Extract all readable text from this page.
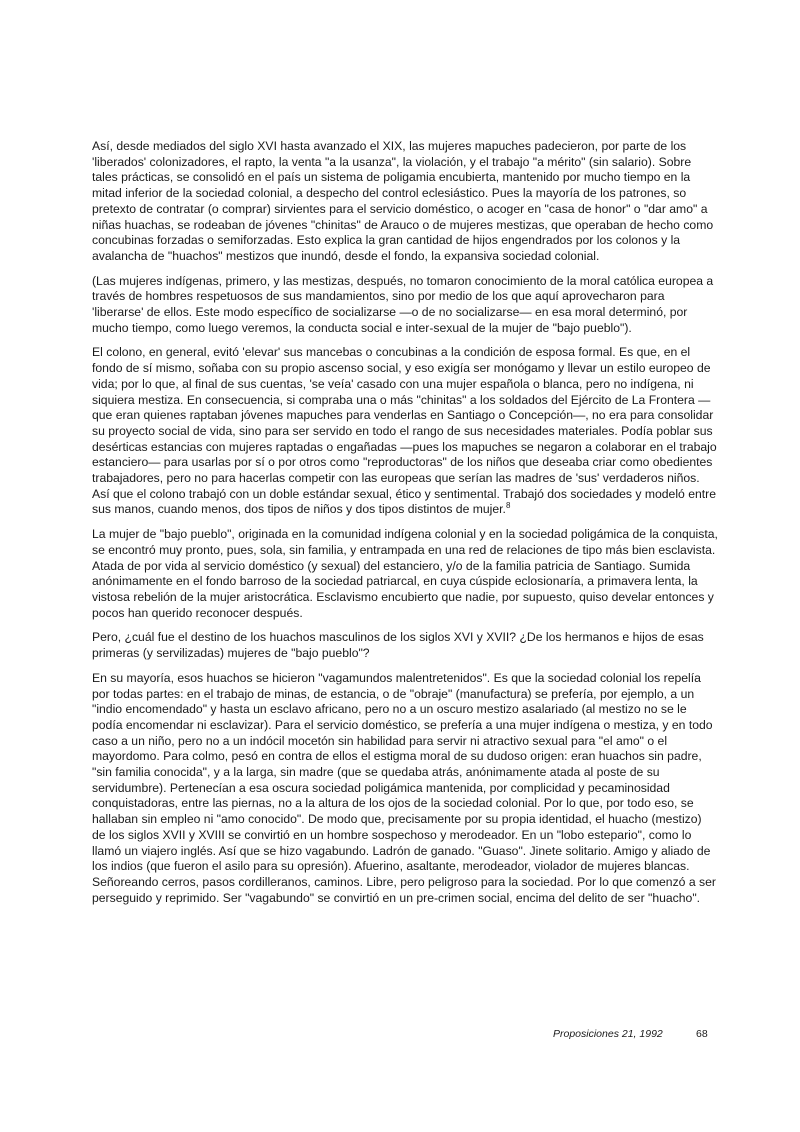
Así, desde mediados del siglo XVI hasta avanzado el XIX, las mujeres mapuches padecieron, por parte de los 'liberados' colonizadores, el rapto, la venta "a la usanza", la violación, y el trabajo "a mérito" (sin salario). Sobre tales prácticas, se consolidó en el país un sistema de poligamia encubierta, mantenido por mucho tiempo en la mitad inferior de la sociedad colonial, a despecho del control eclesiástico. Pues la mayoría de los patrones, so pretexto de contratar (o comprar) sirvientes para el servicio doméstico, o acoger en "casa de honor" o "dar amo" a niñas huachas, se rodeaban de jóvenes "chinitas" de Arauco o de mujeres mestizas, que operaban de hecho como concubinas forzadas o semiforzadas. Esto explica la gran cantidad de hijos engendrados por los colonos y la avalancha de "huachos" mestizos que inundó, desde el fondo, la expansiva sociedad colonial.

(Las mujeres indígenas, primero, y las mestizas, después, no tomaron conocimiento de la moral católica europea a través de hombres respetuosos de sus mandamientos, sino por medio de los que aquí aprovecharon para 'liberarse' de ellos. Este modo específico de socializarse —o de no socializarse— en esa moral determinó, por mucho tiempo, como luego veremos, la conducta social e inter-sexual de la mujer de "bajo pueblo").

El colono, en general, evitó 'elevar' sus mancebas o concubinas a la condición de esposa formal. Es que, en el fondo de sí mismo, soñaba con su propio ascenso social, y eso exigía ser monógamo y llevar un estilo europeo de vida; por lo que, al final de sus cuentas, 'se veía' casado con una mujer española o blanca, pero no indígena, ni siquiera mestiza. En consecuencia, si compraba una o más "chinitas" a los soldados del Ejército de La Frontera —que eran quienes raptaban jóvenes mapuches para venderlas en Santiago o Concepción—, no era para consolidar su proyecto social de vida, sino para ser servido en todo el rango de sus necesidades materiales. Podía poblar sus desérticas estancias con mujeres raptadas o engañadas —pues los mapuches se negaron a colaborar en el trabajo estanciero— para usarlas por sí o por otros como "reproductoras" de los niños que deseaba criar como obedientes trabajadores, pero no para hacerlas competir con las europeas que serían las madres de 'sus' verdaderos niños. Así que el colono trabajó con un doble estándar sexual, ético y sentimental. Trabajó dos sociedades y modeló entre sus manos, cuando menos, dos tipos de niños y dos tipos distintos de mujer.$^8$

La mujer de "bajo pueblo", originada en la comunidad indígena colonial y en la sociedad poligámica de la conquista, se encontró muy pronto, pues, sola, sin familia, y entrampada en una red de relaciones de tipo más bien esclavista. Atada de por vida al servicio doméstico (y sexual) del estanciero, y/o de la familia patricia de Santiago. Sumida anónimamente en el fondo barroso de la sociedad patriarcal, en cuya cúspide eclosionaría, a primavera lenta, la vistosa rebelión de la mujer aristocrática. Esclavismo encubierto que nadie, por supuesto, quiso develar entonces y pocos han querido reconocer después.

Pero, ¿cuál fue el destino de los huachos masculinos de los siglos XVI y XVII? ¿De los hermanos e hijos de esas primeras (y servilizadas) mujeres de "bajo pueblo"?

En su mayoría, esos huachos se hicieron "vagamundos malentretenidos". Es que la sociedad colonial los repelía por todas partes: en el trabajo de minas, de estancia, o de "obraje" (manufactura) se prefería, por ejemplo, a un "indio encomendado" y hasta un esclavo africano, pero no a un oscuro mestizo asalariado (al mestizo no se le podía encomendar ni esclavizar). Para el servicio doméstico, se prefería a una mujer indígena o mestiza, y en todo caso a un niño, pero no a un indócil mocetón sin habilidad para servir ni atractivo sexual para "el amo" o el mayordomo. Para colmo, pesó en contra de ellos el estigma moral de su dudoso origen: eran huachos sin padre, "sin familia conocida", y a la larga, sin madre (que se quedaba atrás, anónimamente atada al poste de su servidumbre). Pertenecían a esa oscura sociedad poligámica mantenida, por complicidad y pecaminosidad conquistadoras, entre las piernas, no a la altura de los ojos de la sociedad colonial. Por lo que, por todo eso, se hallaban sin empleo ni "amo conocido". De modo que, precisamente por su propia identidad, el huacho (mestizo) de los siglos XVII y XVIII se convirtió en un hombre sospechoso y merodeador. En un "lobo estepario", como lo llamó un viajero inglés. Así que se hizo vagabundo. Ladrón de ganado. "Guaso". Jinete solitario. Amigo y aliado de los indios (que fueron el asilo para su opresión). Afuerino, asaltante, merodeador, violador de mujeres blancas. Señoreando cerros, pasos cordilleranos, caminos. Libre, pero peligroso para la sociedad. Por lo que comenzó a ser perseguido y reprimido. Ser "vagabundo" se convirtió en un pre-crimen social, encima del delito de ser "huacho".

Proposiciones 21, 1992	68
